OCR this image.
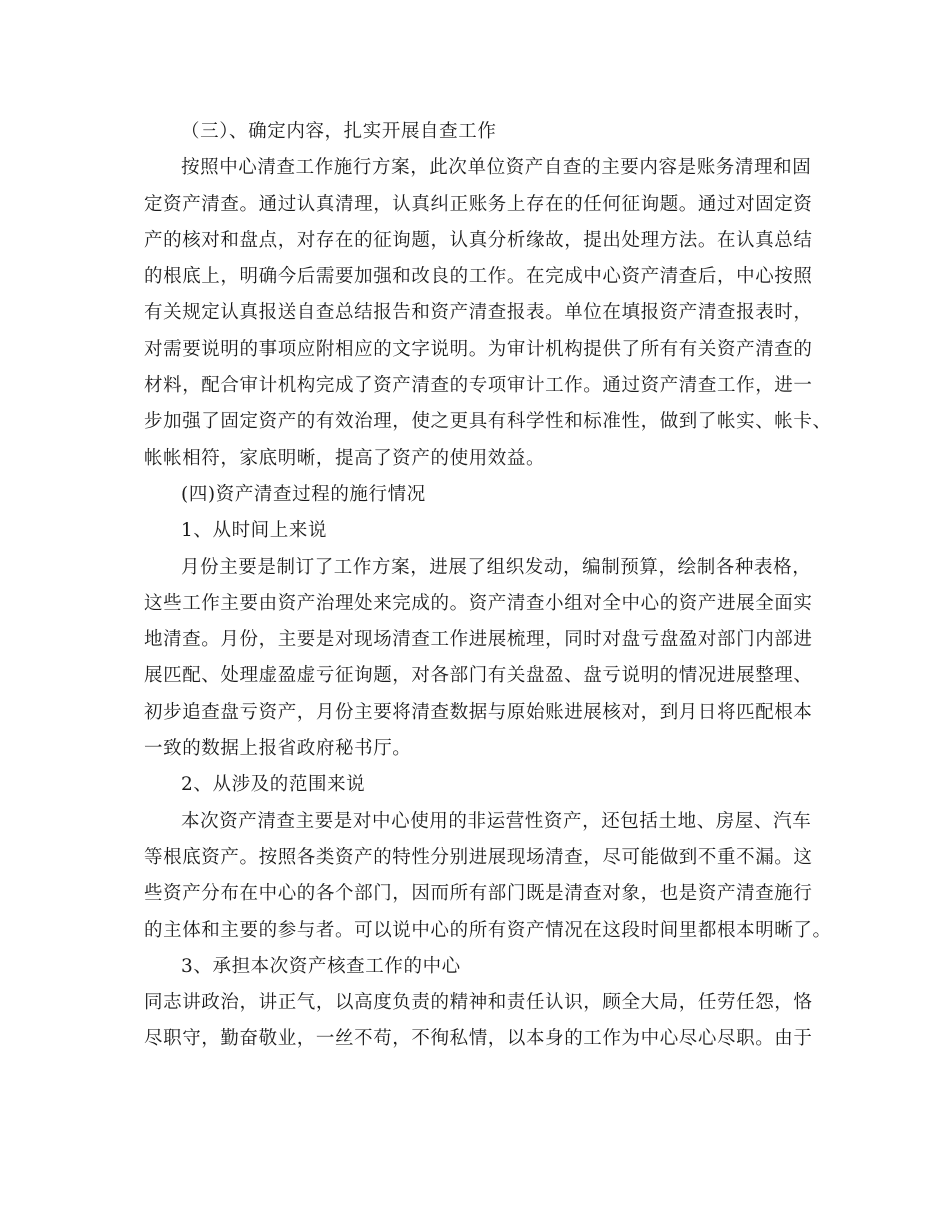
（三）、确定内容，扎实开展自查工作
按照中心清查工作施行方案，此次单位资产自查的主要内容是账务清理和固
定资产清查。通过认真清理，认真纠正账务上存在的任何征询题。通过对固定资
产的核对和盘点，对存在的征询题，认真分析缘故，提出处理方法。在认真总结
的根底上，明确今后需要加强和改良的工作。在完成中心资产清查后，中心按照
有关规定认真报送自查总结报告和资产清查报表。单位在填报资产清查报表时，
对需要说明的事项应附相应的文字说明。为审计机构提供了所有有关资产清查的
材料，配合审计机构完成了资产清查的专项审计工作。通过资产清查工作，进一
步加强了固定资产的有效治理，使之更具有科学性和标准性，做到了帐实、帐卡、
帐帐相符，家底明晰，提高了资产的使用效益。
(四)资产清查过程的施行情况
1、从时间上来说
月份主要是制订了工作方案，进展了组织发动，编制预算，绘制各种表格，
这些工作主要由资产治理处来完成的。资产清查小组对全中心的资产进展全面实
地清查。月份，主要是对现场清查工作进展梳理，同时对盘亏盘盈对部门内部进
展匹配、处理虚盈虚亏征询题，对各部门有关盘盈、盘亏说明的情况进展整理、
初步追查盘亏资产，月份主要将清查数据与原始账进展核对，到月日将匹配根本
一致的数据上报省政府秘书厅。
2、从涉及的范围来说
本次资产清查主要是对中心使用的非运营性资产，还包括土地、房屋、汽车
等根底资产。按照各类资产的特性分别进展现场清查，尽可能做到不重不漏。这
些资产分布在中心的各个部门，因而所有部门既是清查对象，也是资产清查施行
的主体和主要的参与者。可以说中心的所有资产情况在这段时间里都根本明晰了。
3、承担本次资产核查工作的中心
同志讲政治，讲正气，以高度负责的精神和责任认识，顾全大局，任劳任怨，恪
尽职守，勤奋敬业，一丝不苟，不徇私情，以本身的工作为中心尽心尽职。由于
